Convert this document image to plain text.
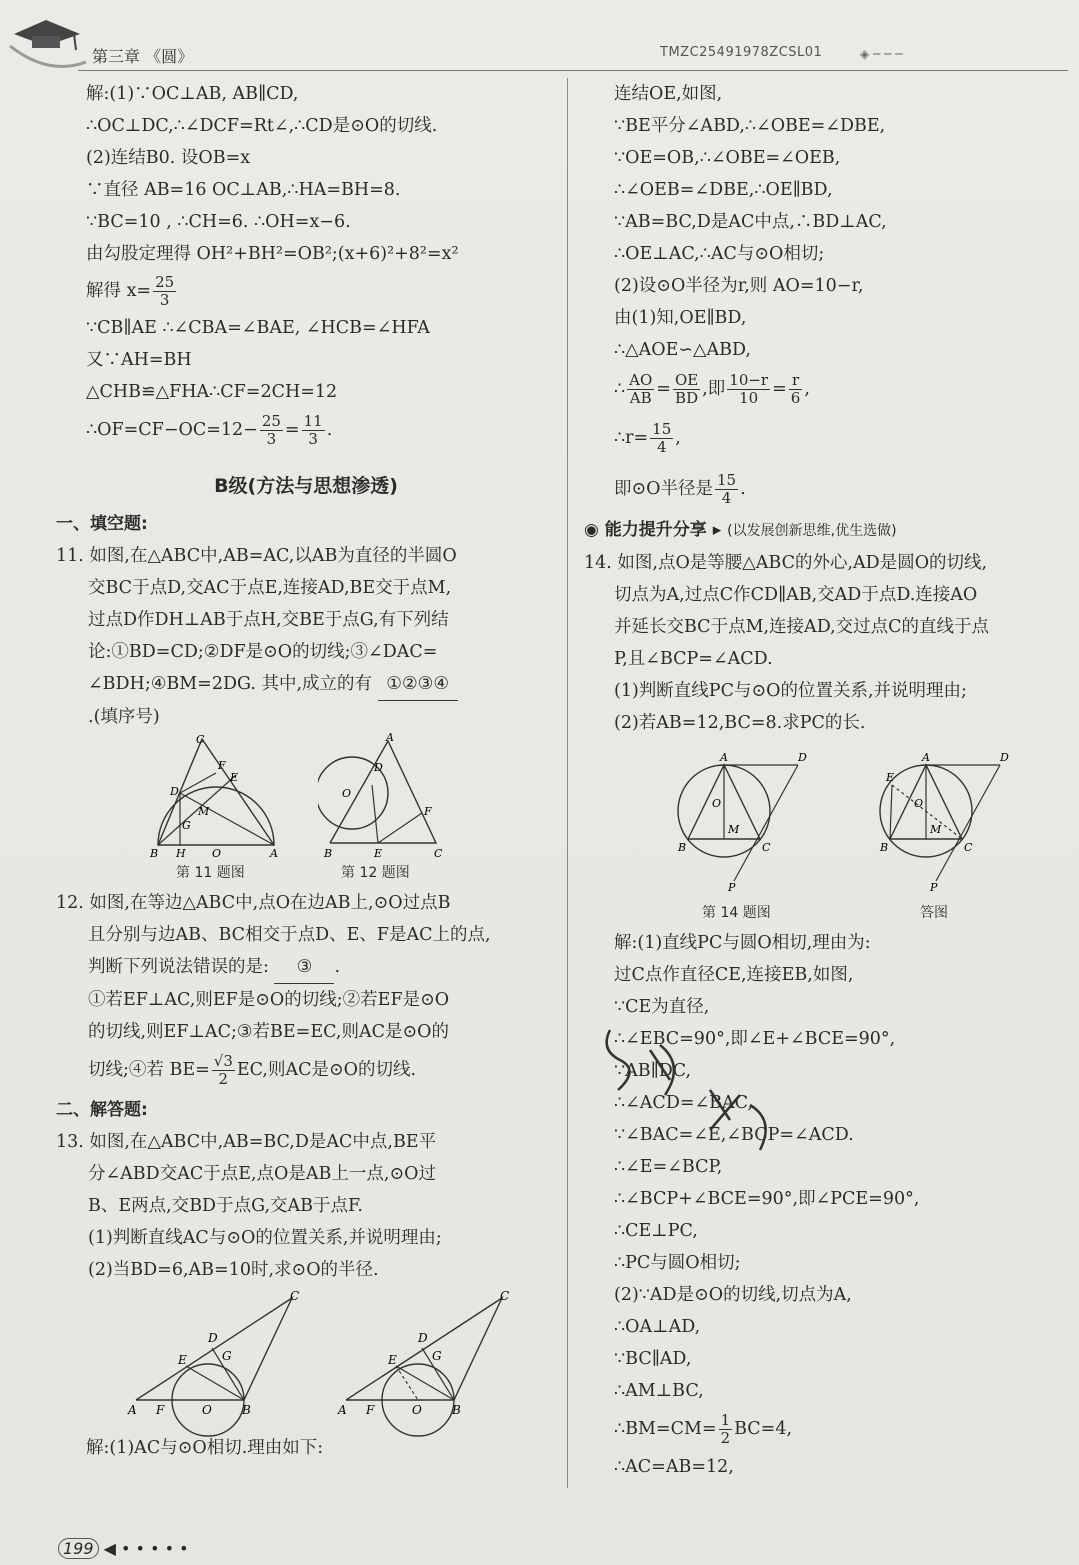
第三章 《圆》	TMZC25491978ZCSL01	◈ ─ ─ ─
解:(1)∵OC⊥AB, AB∥CD,
∴OC⊥DC,∴∠DCF=Rt∠,∴CD是⊙O的切线.
(2)连结B0. 设OB=x
∵直径 AB=16 OC⊥AB,∴HA=BH=8.
∵BC=10 , ∴CH=6. ∴OH=x−6.
由勾股定理得 OH²+BH²=OB²;(x+6)²+8²=x²
解得 $x= \frac{25}{3}$
∵CB∥AE ∴∠CBA=∠BAE, ∠HCB=∠HFA
又∵AH=BH
△CHB≌△FHA∴CF=2CH=12
∴OF=CF−OC=12− $\frac{25}{3} = \frac{11}{3}$ .
B级(方法与思想渗透)
一、填空题:
11. 如图,在△ABC中,AB=AC,以AB为直径的半圆O
交BC于点D,交AC于点E,连接AD,BE交于点M,
过点D作DH⊥AB于点H,交BE于点G,有下列结
论:①BD=CD;②DF是⊙O的切线;③∠DAC=
∠BDH;④BM=2DG. 其中,成立的有 ①②③④
.(填序号)
C
F
E
D
M
G
B H O	A
A
D
O
F
B	E	C
第 11 题图	第 12 题图
12. 如图,在等边△ABC中,点O在边AB上,⊙O过点B
且分别与边AB、BC相交于点D、E、F是AC上的点,
判断下列说法错误的是: ③ .
①若EF⊥AC,则EF是⊙O的切线;②若EF是⊙O
的切线,则EF⊥AC;③若BE=EC,则AC是⊙O的
切线;④若 $BE= \frac{√3}{2}$ EC,则AC是⊙O的切线.
二、解答题:
13. 如图,在△ABC中,AB=BC,D是AC中点,BE平
分∠ABD交AC于点E,点O是AB上一点,⊙O过
B、E两点,交BD于点G,交AB于点F.
(1)判断直线AC与⊙O的位置关系,并说明理由;
(2)当BD=6,AB=10时,求⊙O的半径.
C
D
E	G
A F	O	B
C
D
E	G
A F	O	B
解:(1)AC与⊙O相切.理由如下:
连结OE,如图,
∵BE平分∠ABD,∴∠OBE=∠DBE,
∵OE=OB,∴∠OBE=∠OEB,
∴∠OEB=∠DBE,∴OE∥BD,
∵AB=BC,D是AC中点,∴BD⊥AC,
∴OE⊥AC,∴AC与⊙O相切;
(2)设⊙O半径为r,则 AO=10−r,
由(1)知,OE∥BD,
∴△AOE∽△ABD,
∴ $\frac{AO}{AB} = \frac{OE}{BD}$ ,即 $\frac{10-r}{10} = \frac{r}{6}$ ,
∴r= $\frac{15}{4}$ ,
即⊙O半径是 $\frac{15}{4}$ .
◉ 能力提升分享 ▸ (以发展创新思维,优生选做)
14. 如图,点O是等腰△ABC的外心,AD是圆O的切线,
切点为A,过点C作CD∥AB,交AD于点D.连接AO
并延长交BC于点M,连接AD,交过点C的直线于点
P,且∠BCP=∠ACD.
(1)判断直线PC与⊙O的位置关系,并说明理由;
(2)若AB=12,BC=8.求PC的长.
A	D
O
M
B	C
P
A
E
D
O
M
B	C
P
第 14 题图	答图
解:(1)直线PC与圆O相切,理由为:
过C点作直径CE,连接EB,如图,
∵CE为直径,
∴∠EBC=90°,即∠E+∠BCE=90°,
∵AB∥DC,
∴∠ACD=∠BAC,
∵∠BAC=∠E,∠BCP=∠ACD.
∴∠E=∠BCP,
∴∠BCP+∠BCE=90°,即∠PCE=90°,
∴CE⊥PC,
∴PC与圆O相切;
(2)∵AD是⊙O的切线,切点为A,
∴OA⊥AD,
∵BC∥AD,
∴AM⊥BC,
∴BM=CM= $\frac{1}{2} BC=4$,
∴AC=AB=12,
199 ◀ • • • • •
